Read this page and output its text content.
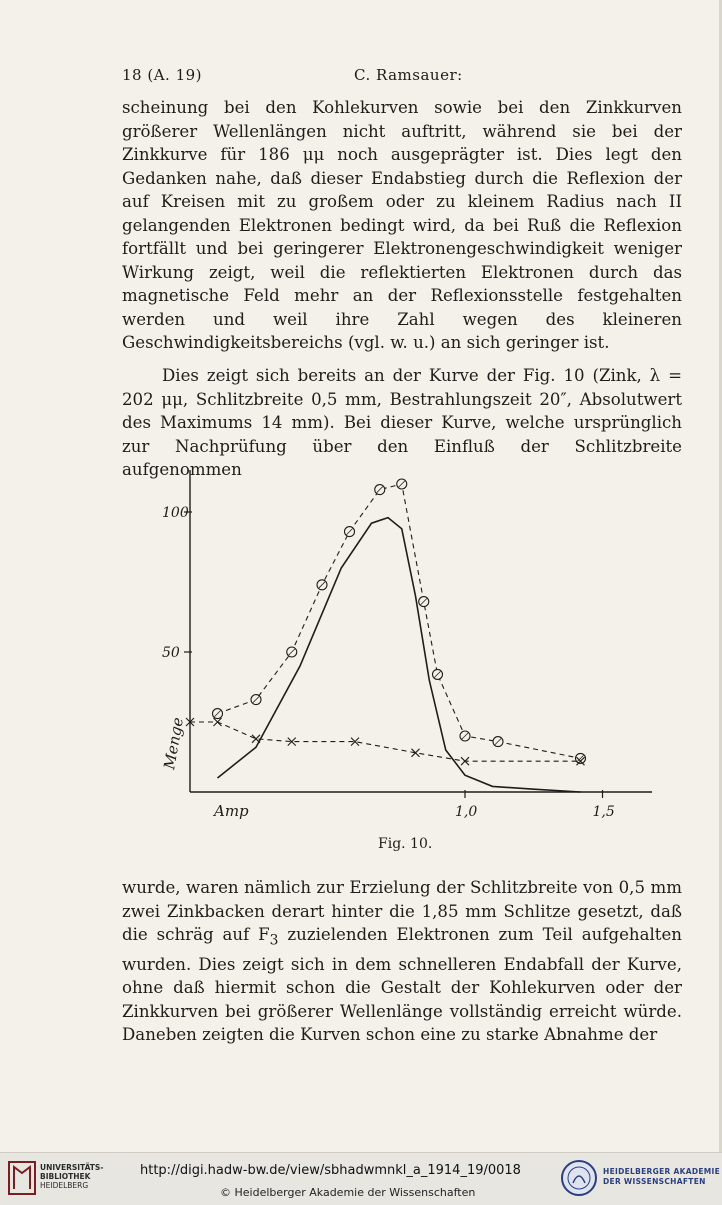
18 (A. 19)	C. Ramsauer:

scheinung bei den Kohlekurven sowie bei den Zinkkurven größerer Wellenlängen nicht auftritt, während sie bei der Zinkkurve für 186 μμ noch ausgeprägter ist. Dies legt den Gedanken nahe, daß dieser Endabstieg durch die Reflexion der auf Kreisen mit zu großem oder zu kleinem Radius nach II gelangenden Elektronen bedingt wird, da bei Ruß die Reflexion fortfällt und bei geringerer Elektronengeschwindigkeit weniger Wirkung zeigt, weil die reflektierten Elektronen durch das magnetische Feld mehr an der Reflexionsstelle festgehalten werden und weil ihre Zahl wegen des kleineren Geschwindigkeitsbereichs (vgl. w. u.) an sich geringer ist.

Dies zeigt sich bereits an der Kurve der Fig. 10 (Zink, λ = 202 μμ, Schlitzbreite 0,5 mm, Bestrahlungszeit 20″, Absolutwert des Maximums 14 mm). Bei dieser Kurve, welche ursprünglich zur Nachprüfung über den Einfluß der Schlitzbreite aufgenommen

50
100
1,0	1,5
Menge
Amp
Fig. 10.

wurde, waren nämlich zur Erzielung der Schlitzbreite von 0,5 mm zwei Zinkbacken derart hinter die 1,85 mm Schlitze gesetzt, daß die schräg auf $F_3$ zuzielenden Elektronen zum Teil aufgehalten wurden. Dies zeigt sich in dem schnelleren Endabfall der Kurve, ohne daß hiermit schon die Gestalt der Kohlekurven oder der Zinkkurven bei größerer Wellenlänge vollständig erreicht würde. Daneben zeigten die Kurven schon eine zu starke Abnahme der

UNIVERSITÄTS-
BIBLIOTHEK
HEIDELBERG
http://digi.hadw-bw.de/view/sbhadwmnkl_a_1914_19/0018
© Heidelberger Akademie der Wissenschaften
HEIDELBERGER AKADEMIE
DER WISSENSCHAFTEN
